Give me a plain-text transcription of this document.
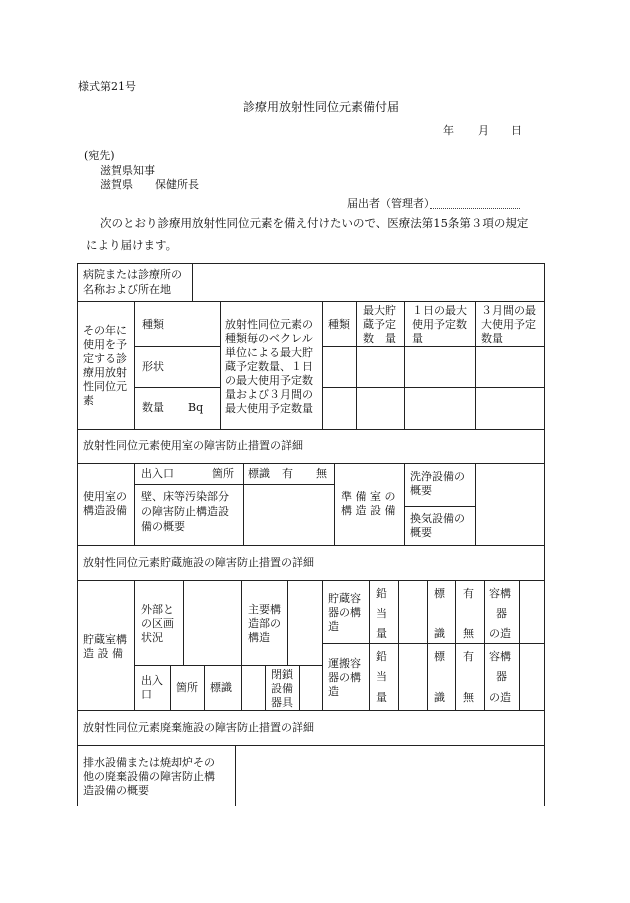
様式第21号
診療用放射性同位元素備付届
年 月 日
(宛先)
滋賀県知事
滋賀県 保健所長
届出者（管理者）
次のとおり診療用放射性同位元素を備え付けたいので、医療法第15条第３項の規定
により届けます。
病院または診療所の
名称および所在地
その年に
使用を予
定する診
療用放射
性同位元
素
種類
形状
数量 Bq
放射性同位元素の
種類毎のベクレル
単位による最大貯
蔵予定数量、１日
の最大使用予定数
量および３月間の
最大使用予定数量
種類
最大貯
蔵予定
数　量
１日の最大
使用予定数
量
３月間の最
大使用予定
数量
放射性同位元素使用室の障害防止措置の詳細
使用室の
構造設備
出入口	箇所 標識 有 無
壁、床等汚染部分
の障害防止構造設
備の概要
準 備 室 の
構 造 設 備
洗浄設備の
概要
換気設備の
概要
放射性同位元素貯蔵施設の障害防止措置の詳細
貯蔵室構
造 設 備
外部と
の区画
状況
主要構
造部の
構造
貯蔵容
器の構
造
鉛
当
量
標
識
有
無
容構
器
の造
運搬容
器の構
造
鉛
当
量
標
識
有
無
容構
器
の造
出入
口
箇所 標識
閉鎖
設備
器具
放射性同位元素廃棄施設の障害防止措置の詳細
排水設備または焼却炉その
他の廃棄設備の障害防止構
造設備の概要
